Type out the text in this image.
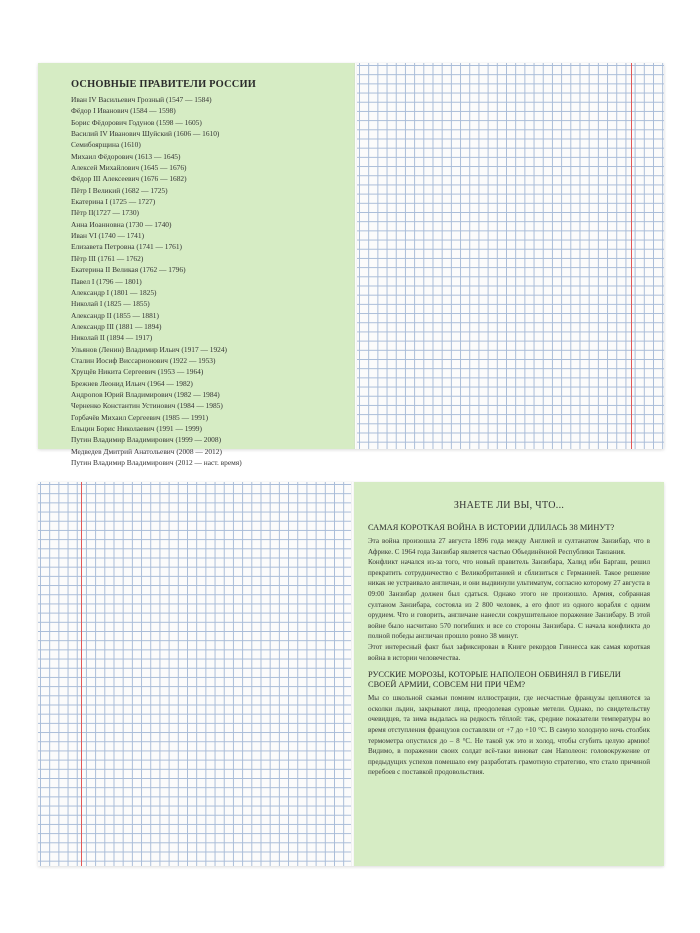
ОСНОВНЫЕ ПРАВИТЕЛИ РОССИИ
Иван IV Васильевич Грозный (1547 — 1584)
Фёдор I Иванович (1584 — 1598)
Борис Фёдорович Годунов (1598 — 1605)
Василий IV Иванович Шуйский (1606 — 1610)
Семибоярщина (1610)
Михаил Фёдорович (1613 — 1645)
Алексей Михайлович (1645 — 1676)
Фёдор III Алексеевич (1676 — 1682)
Пётр I Великий (1682 — 1725)
Екатерина I (1725 — 1727)
Пётр II(1727 — 1730)
Анна Иоанновна (1730 — 1740)
Иван VI (1740 — 1741)
Елизавета Петровна (1741 — 1761)
Пётр III (1761 — 1762)
Екатерина II Великая (1762 — 1796)
Павел I (1796 — 1801)
Александр I (1801 — 1825)
Николай I (1825 — 1855)
Александр II (1855 — 1881)
Александр III (1881 — 1894)
Николай II (1894 — 1917)
Ульянов (Ленин) Владимир Ильич (1917 — 1924)
Сталин Иосиф Виссарионович (1922 — 1953)
Хрущёв Никита Сергеевич (1953 — 1964)
Брежнев Леонид Ильич (1964 — 1982)
Андропов Юрий Владимирович (1982 — 1984)
Черненко Константин Устинович (1984 — 1985)
Горбачёв Михаил Сергеевич (1985 — 1991)
Ельцин Борис Николаевич (1991 — 1999)
Путин Владимир Владимирович (1999 — 2008)
Медведев Дмитрий Анатольевич (2008 — 2012)
Путин Владимир Владимирович (2012 — наст. время)
ЗНАЕТЕ ЛИ ВЫ, ЧТО...
САМАЯ КОРОТКАЯ ВОЙНА В ИСТОРИИ ДЛИЛАСЬ 38 МИНУТ?

Эта война произошла 27 августа 1896 года между Англией и султанатом Занзибар, что в Африке. С 1964 года Занзибар является частью Объединённой Республики Танзания.

Конфликт начался из-за того, что новый правитель Занзибара, Халид ибн Баргаш, решил прекратить сотрудничество с Великобританией и сблизиться с Германией. Такое решение никак не устраивало англичан, и они выдвинули ультиматум, согласно которому 27 августа в 09:00 Занзибар должен был сдаться. Однако этого не произошло. Армия, собранная султаном Занзибара, состояла из 2 800 человек, а его флот из одного корабля с одним орудием. Что и говорить, англичане нанесли сокрушительное поражение Занзибару. В этой войне было насчитано 570 погибших и все со стороны Занзибара. С начала конфликта до полной победы англичан прошло ровно 38 минут.

Этот интересный факт был зафиксирован в Книге рекордов Гиннесса как самая короткая война в истории человечества.

РУССКИЕ МОРОЗЫ, КОТОРЫЕ НАПОЛЕОН ОБВИНЯЛ В ГИБЕЛИ СВОЕЙ АРМИИ, СОВСЕМ НИ ПРИ ЧЁМ?

Мы со школьной скамьи помним иллюстрации, где несчастные французы цепляются за осколки льдин, закрывают лица, преодолевая суровые метели. Однако, по свидетельству очевидцев, та зима выдалась на редкость тёплой: так, средние показатели температуры во время отступления французов составляли от +7 до +10 °С. В самую холодную ночь столбик термометра опустился до – 8 °С. Не такой уж это и холод, чтобы сгубить целую армию! Видимо, в поражении своих солдат всё-таки виноват сам Наполеон: головокружение от предыдущих успехов помешало ему разработать грамотную стратегию, что стало причиной перебоев с поставкой продовольствия.
